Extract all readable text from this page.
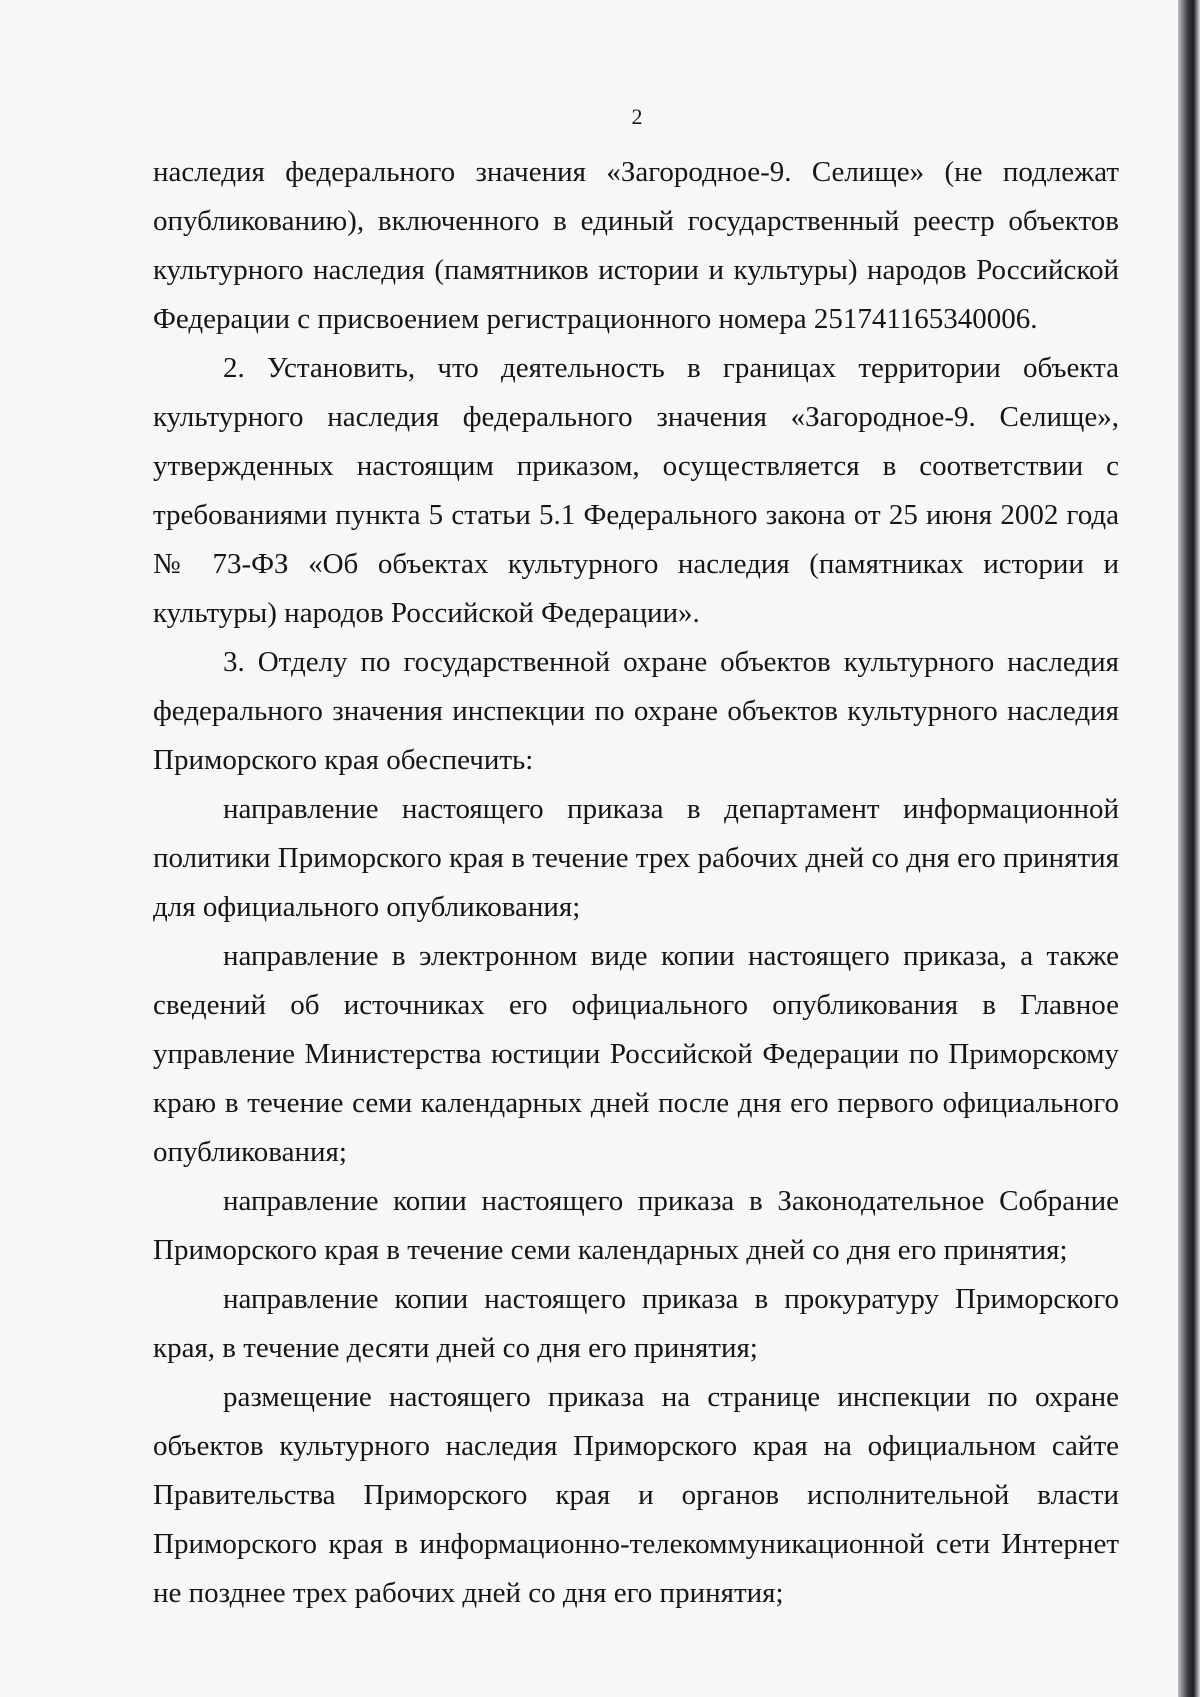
2

наследия федерального значения «Загородное-9. Селище» (не подлежат опубликованию), включенного в единый государственный реестр объектов культурного наследия (памятников истории и культуры) народов Российской Федерации с присвоением регистрационного номера 251741165340006.

2. Установить, что деятельность в границах территории объекта культурного наследия федерального значения «Загородное-9. Селище», утвержденных настоящим приказом, осуществляется в соответствии с требованиями пункта 5 статьи 5.1 Федерального закона от 25 июня 2002 года № 73-ФЗ «Об объектах культурного наследия (памятниках истории и культуры) народов Российской Федерации».

3. Отделу по государственной охране объектов культурного наследия федерального значения инспекции по охране объектов культурного наследия Приморского края обеспечить:

направление настоящего приказа в департамент информационной политики Приморского края в течение трех рабочих дней со дня его принятия для официального опубликования;

направление в электронном виде копии настоящего приказа, а также сведений об источниках его официального опубликования в Главное управление Министерства юстиции Российской Федерации по Приморскому краю в течение семи календарных дней после дня его первого официального опубликования;

направление копии настоящего приказа в Законодательное Собрание Приморского края в течение семи календарных дней со дня его принятия;

направление копии настоящего приказа в прокуратуру Приморского края, в течение десяти дней со дня его принятия;

размещение настоящего приказа на странице инспекции по охране объектов культурного наследия Приморского края на официальном сайте Правительства Приморского края и органов исполнительной власти Приморского края в информационно-телекоммуникационной сети Интернет не позднее трех рабочих дней со дня его принятия;
